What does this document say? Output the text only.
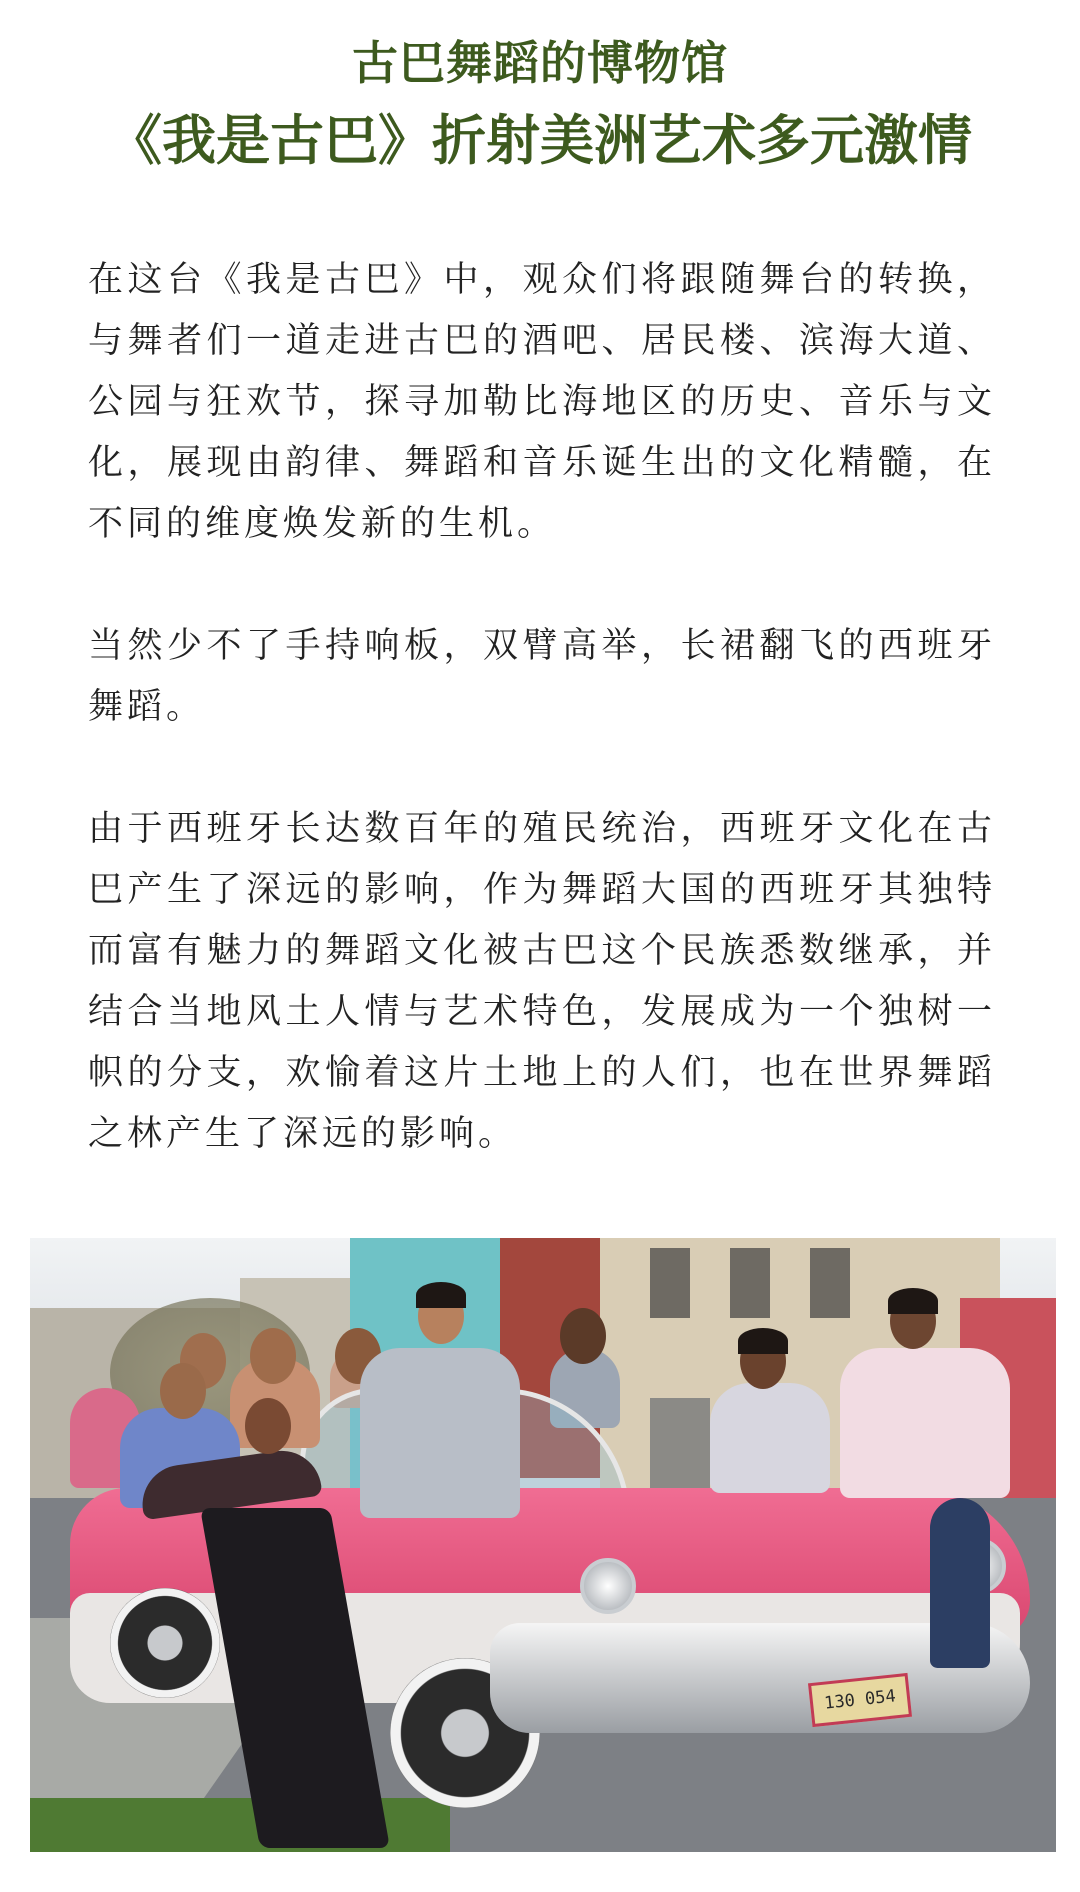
古巴舞蹈的博物馆
《我是古巴》折射美洲艺术多元激情

在这台《我是古巴》中，观众们将跟随舞台的转换，与舞者们一道走进古巴的酒吧、居民楼、滨海大道、公园与狂欢节，探寻加勒比海地区的历史、音乐与文化，展现由韵律、舞蹈和音乐诞生出的文化精髓，在不同的维度焕发新的生机。

当然少不了手持响板，双臂高举，长裙翻飞的西班牙舞蹈。

由于西班牙长达数百年的殖民统治，西班牙文化在古巴产生了深远的影响，作为舞蹈大国的西班牙其独特而富有魅力的舞蹈文化被古巴这个民族悉数继承，并结合当地风土人情与艺术特色，发展成为一个独树一帜的分支，欢愉着这片土地上的人们，也在世界舞蹈之林产生了深远的影响。

130 054
